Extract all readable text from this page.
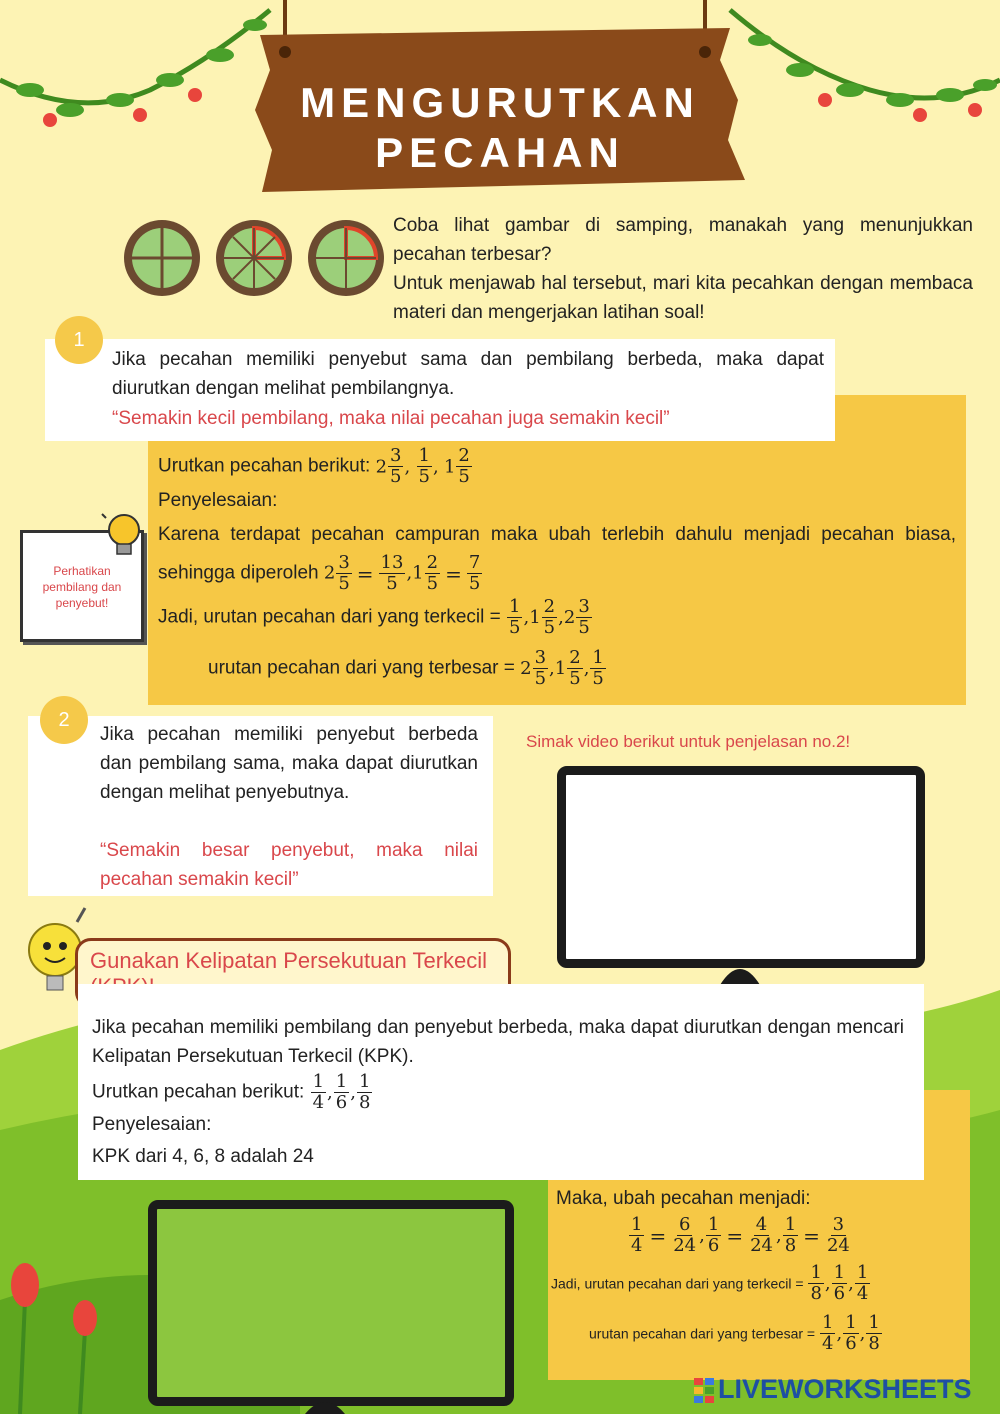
MENGURUTKAN
PECAHAN
Coba lihat gambar di samping, manakah yang menunjukkan pecahan terbesar?
Untuk menjawab hal tersebut, mari kita pecahkan dengan membaca materi dan mengerjakan latihan soal!
1
Jika pecahan memiliki penyebut sama dan pembilang berbeda, maka dapat diurutkan dengan melihat pembilangnya.
“Semakin kecil pembilang, maka nilai pecahan juga semakin kecil”
Urutkan pecahan berikut: $2 \frac{3}{5}$ , $\frac{1}{5}$ , $1 \frac{2}{5}$
Penyelesaian:
Karena terdapat pecahan campuran maka ubah terlebih dahulu menjadi pecahan biasa, sehingga diperoleh $2 \frac{3}{5} = \frac{13}{5} ,1 \frac{2}{5} = \frac{7}{5}$
Jadi, urutan pecahan dari yang terkecil = $\frac{1}{5} ,1 \frac{2}{5} ,2 \frac{3}{5}$
urutan pecahan dari yang terbesar = $2 \frac{3}{5} ,1 \frac{2}{5}$ , $\frac{1}{5}$
Perhatikan pembilang dan penyebut!
2
Jika pecahan memiliki penyebut berbeda dan pembilang sama, maka dapat diurutkan dengan melihat penyebutnya.
“Semakin besar penyebut, maka nilai pecahan semakin kecil”
Simak video berikut untuk penjelasan no.2!
Gunakan Kelipatan Persekutuan Terkecil
Jika pecahan memiliki pembilang dan penyebut berbeda, maka dapat diurutkan dengan mencari Kelipatan Persekutuan Terkecil (KPK).
Urutkan pecahan berikut: $\frac{1}{4}$ , $\frac{1}{6}$ , $\frac{1}{8}$
Penyelesaian:
KPK dari 4, 6, 8 adalah 24
Maka, ubah pecahan menjadi:
$\frac{1}{4} = \frac{6}{24}$ , $\frac{1}{6} = \frac{4}{24}$ , $\frac{1}{8} = \frac{3}{24}$
Jadi, urutan pecahan dari yang terkecil = $\frac{1}{8}$ , $\frac{1}{6}$ , $\frac{1}{4}$
urutan pecahan dari yang terbesar = $\frac{1}{4}$ , $\frac{1}{6}$ , $\frac{1}{8}$
LIVEWORKSHEETS
